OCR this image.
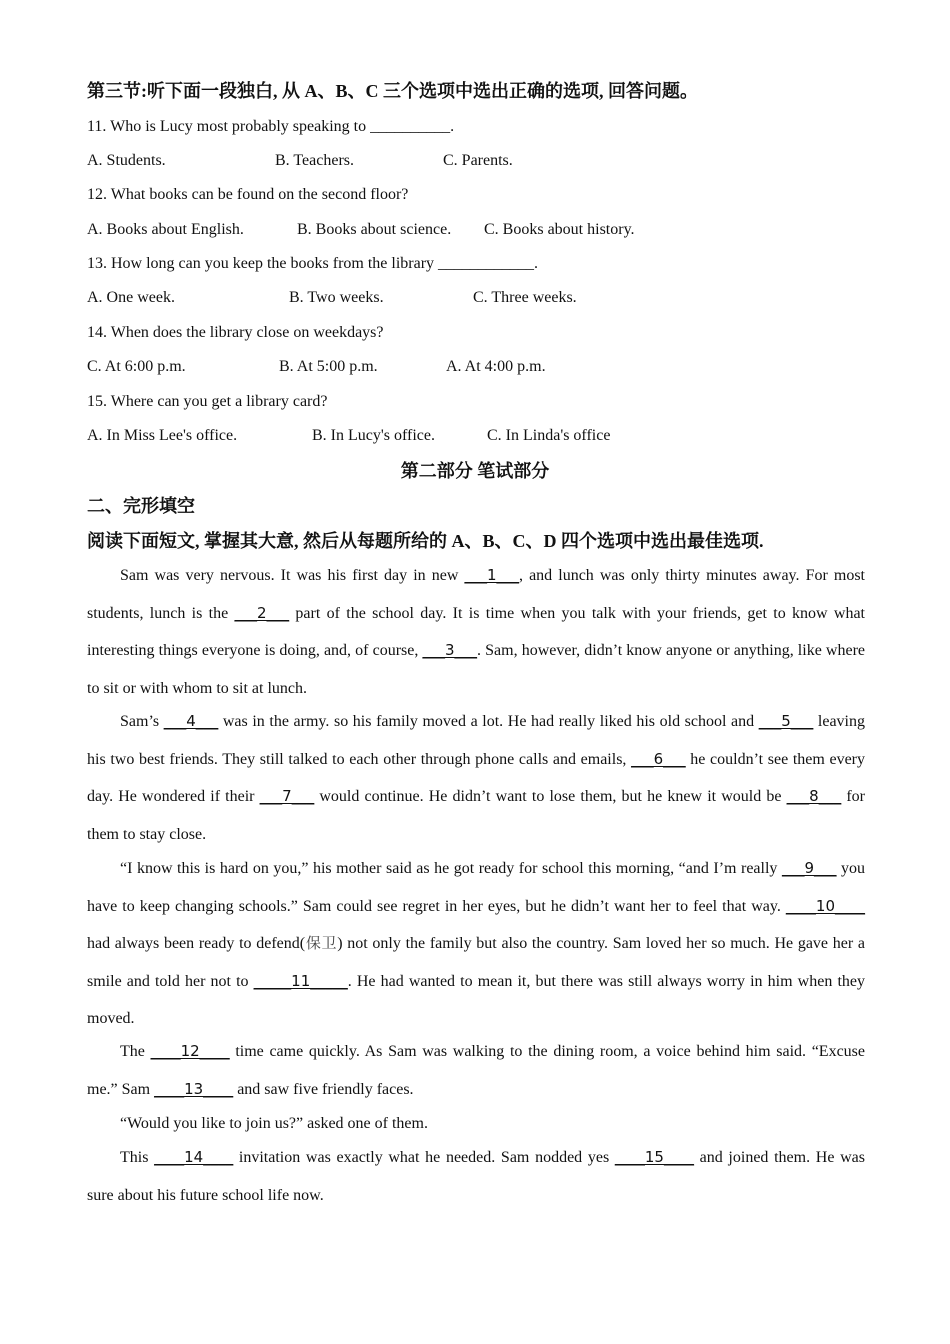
第三节:听下面一段独白, 从 A、B、C 三个选项中选出正确的选项, 回答问题。
11. Who is Lucy most probably speaking to __________.
A. Students.	B. Teachers.	C. Parents.
12. What books can be found on the second floor?
A. Books about English.	B. Books about science. C. Books about history.
13. How long can you keep the books from the library ____________.
A. One week.	B. Two weeks.	C. Three weeks.
14. When does the library close on weekdays?
C. At 6:00 p.m.	B. At 5:00 p.m.	A. At 4:00 p.m.
15. Where can you get a library card?
A. In Miss Lee's office.	B. In Lucy's office.	C. In Linda's office
第二部分 笔试部分
二、完形填空
阅读下面短文, 掌握其大意, 然后从每题所给的 A、B、C、D 四个选项中选出最佳选项.
Sam was very nervous. It was his first day in new ___1___, and lunch was only thirty minutes away. For most students, lunch is the ___2___ part of the school day. It is time when you talk with your friends, get to know what interesting things everyone is doing, and, of course, ___3___. Sam, however, didn’t know anyone or anything, like where to sit or with whom to sit at lunch.
Sam’s ___4___ was in the army. so his family moved a lot. He had really liked his old school and ___5___ leaving his two best friends. They still talked to each other through phone calls and emails, ___6___ he couldn’t see them every day. He wondered if their ___7___ would continue. He didn’t want to lose them, but he knew it would be ___8___ for them to stay close.
“I know this is hard on you,” his mother said as he got ready for school this morning, “and I’m really ___9___ you have to keep changing schools.” Sam could see regret in her eyes, but he didn’t want her to feel that way. ____10____ had always been ready to defend(保卫) not only the family but also the country. Sam loved her so much. He gave her a smile and told her not to _____11_____. He had wanted to mean it, but there was still always worry in him when they moved.
The ____12____ time came quickly. As Sam was walking to the dining room, a voice behind him said. “Excuse me.” Sam ____13____ and saw five friendly faces.
“Would you like to join us?” asked one of them.
This ____14____ invitation was exactly what he needed. Sam nodded yes ____15____ and joined them. He was sure about his future school life now.
